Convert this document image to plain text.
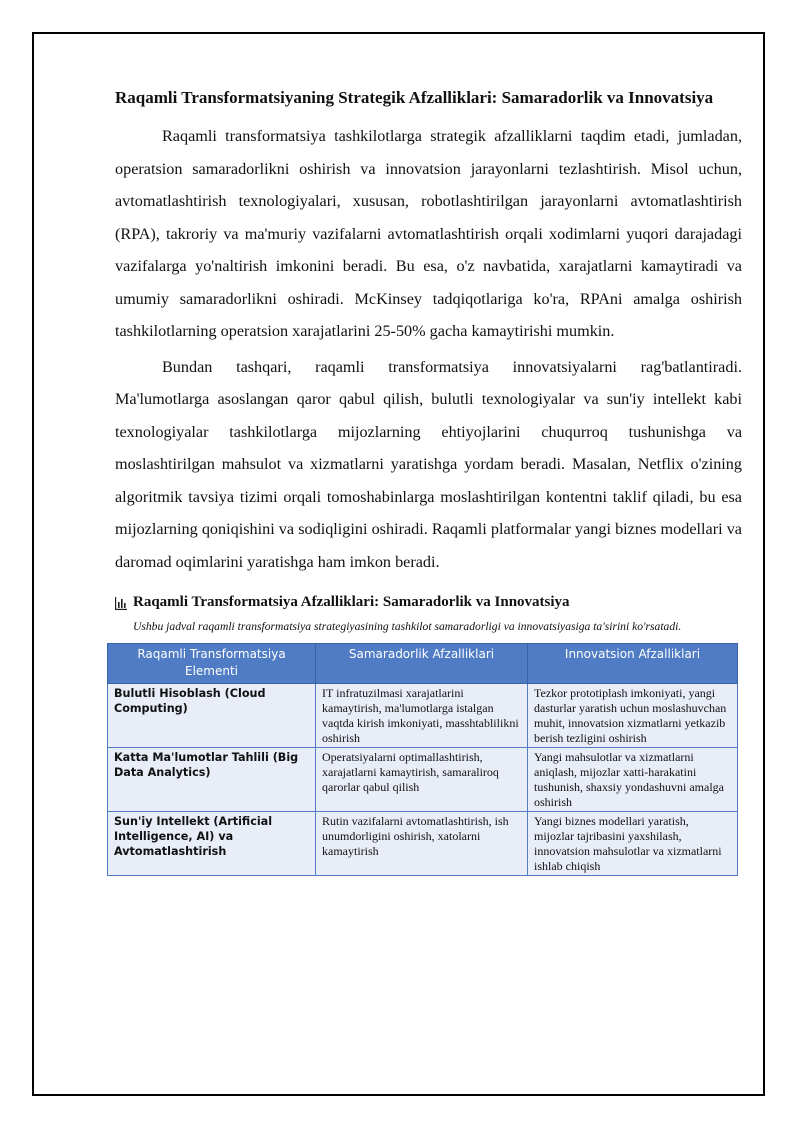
Raqamli Transformatsiyaning Strategik Afzalliklari: Samaradorlik va Innovatsiya

Raqamli transformatsiya tashkilotlarga strategik afzalliklarni taqdim etadi, jumladan, operatsion samaradorlikni oshirish va innovatsion jarayonlarni tezlashtirish. Misol uchun, avtomatlashtirish texnologiyalari, xususan, robotlashtirilgan jarayonlarni avtomatlashtirish (RPA), takroriy va ma'muriy vazifalarni avtomatlashtirish orqali xodimlarni yuqori darajadagi vazifalarga yo'naltirish imkonini beradi. Bu esa, o'z navbatida, xarajatlarni kamaytiradi va umumiy samaradorlikni oshiradi. McKinsey tadqiqotlariga ko'ra, RPAni amalga oshirish tashkilotlarning operatsion xarajatlarini 25-50% gacha kamaytirishi mumkin.

Bundan tashqari, raqamli transformatsiya innovatsiyalarni rag'batlantiradi. Ma'lumotlarga asoslangan qaror qabul qilish, bulutli texnologiyalar va sun'iy intellekt kabi texnologiyalar tashkilotlarga mijozlarning ehtiyojlarini chuqurroq tushunishga va moslashtirilgan mahsulot va xizmatlarni yaratishga yordam beradi. Masalan, Netflix o'zining algoritmik tavsiya tizimi orqali tomoshabinlarga moslashtirilgan kontentni taklif qiladi, bu esa mijozlarning qoniqishini va sodiqligini oshiradi. Raqamli platformalar yangi biznes modellari va daromad oqimlarini yaratishga ham imkon beradi.

Raqamli Transformatsiya Afzalliklari: Samaradorlik va Innovatsiya
Ushbu jadval raqamli transformatsiya strategiyasining tashkilot samaradorligi va innovatsiyasiga ta'sirini ko'rsatadi.
Raqamli Transformatsiya Elementi	Samaradorlik Afzalliklari	Innovatsion Afzalliklari
Bulutli Hisoblash (Cloud Computing)	IT infratuzilmasi xarajatlarini kamaytirish, ma'lumotlarga istalgan vaqtda kirish imkoniyati, masshtablilikni oshirish	Tezkor prototiplash imkoniyati, yangi dasturlar yaratish uchun moslashuvchan muhit, innovatsion xizmatlarni yetkazib berish tezligini oshirish
Katta Ma'lumotlar Tahlili (Big Data Analytics)	Operatsiyalarni optimallashtirish, xarajatlarni kamaytirish, samaraliroq qarorlar qabul qilish	Yangi mahsulotlar va xizmatlarni aniqlash, mijozlar xatti-harakatini tushunish, shaxsiy yondashuvni amalga oshirish
Sun'iy Intellekt (Artificial Intelligence, AI) va Avtomatlashtirish	Rutin vazifalarni avtomatlashtirish, ish unumdorligini oshirish, xatolarni kamaytirish	Yangi biznes modellari yaratish, mijozlar tajribasini yaxshilash, innovatsion mahsulotlar va xizmatlarni ishlab chiqish
